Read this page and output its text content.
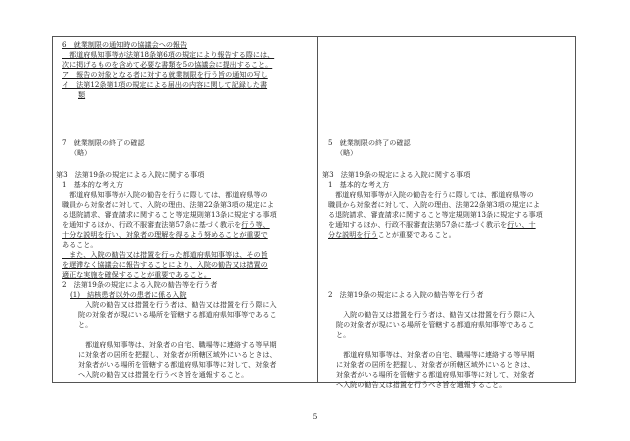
6　就業制限の通知時の協議会への報告
　都道府県知事等が法第18条第6項の規定により報告する際には、
次に掲げるものを含めて必要な書類を5の協議会に提出すること。
ア　報告の対象となる者に対する就業制限を行う旨の通知の写し
イ　法第12条第1項の規定による届出の内容に関して記録した書
類
7　就業制限の終了の確認
（略）
第3　法第19条の規定による入院に関する事項
1　基本的な考え方
　都道府県知事等が入院の勧告を行うに際しては、都道府県等の
職員から対象者に対して、入院の理由、法第22条第3項の規定によ
る退院請求、審査請求に関すること等定規則第13条に規定する事項
を通知するほか、行政不服審査法第57条に基づく教示を行う等、
十分な説明を行い、対象者の理解を得るよう努めることが重要で
あること。
　また、入院の勧告又は措置を行った都道府県知事等は、その旨
を遅滞なく協議会に報告することにより、入院の勧告又は措置の
適正な実施を確保することが重要であること。
2　法第19条の規定による入院の勧告等を行う者
(1)　結核患者以外の患者に係る入院
　入院の勧告又は措置を行う者は、勧告又は措置を行う際に入
院の対象者が現にいる場所を管轄する都道府県知事等であるこ
と。
　都道府県知事等は、対象者の自宅、職場等に連絡する等早期
に対象者の居所を把握し、対象者が所轄区域外にいるときは、
対象者がいる場所を管轄する都道府県知事等に対して、対象者
へ入院の勧告又は措置を行うべき旨を通報すること。
5　就業制限の終了の確認
（略）
第3　法第19条の規定による入院に関する事項
1　基本的な考え方
　都道府県知事等が入院の勧告を行うに際しては、都道府県等の
職員から対象者に対して、入院の理由、法第22条第3項の規定によ
る退院請求、審査請求に関すること等定規則第13条に規定する事項
を通知するほか、行政不服審査法第57条に基づく教示を行い、十
分な説明を行うことが重要であること。
2　法第19条の規定による入院の勧告等を行う者
　入院の勧告又は措置を行う者は、勧告又は措置を行う際に入
院の対象者が現にいる場所を管轄する都道府県知事等であるこ
と。
　都道府県知事等は、対象者の自宅、職場等に連絡する等早期
に対象者の居所を把握し、対象者が所轄区域外にいるときは、
対象者がいる場所を管轄する都道府県知事等に対して、対象者
へ入院の勧告又は措置を行うべき旨を通報すること。
5
